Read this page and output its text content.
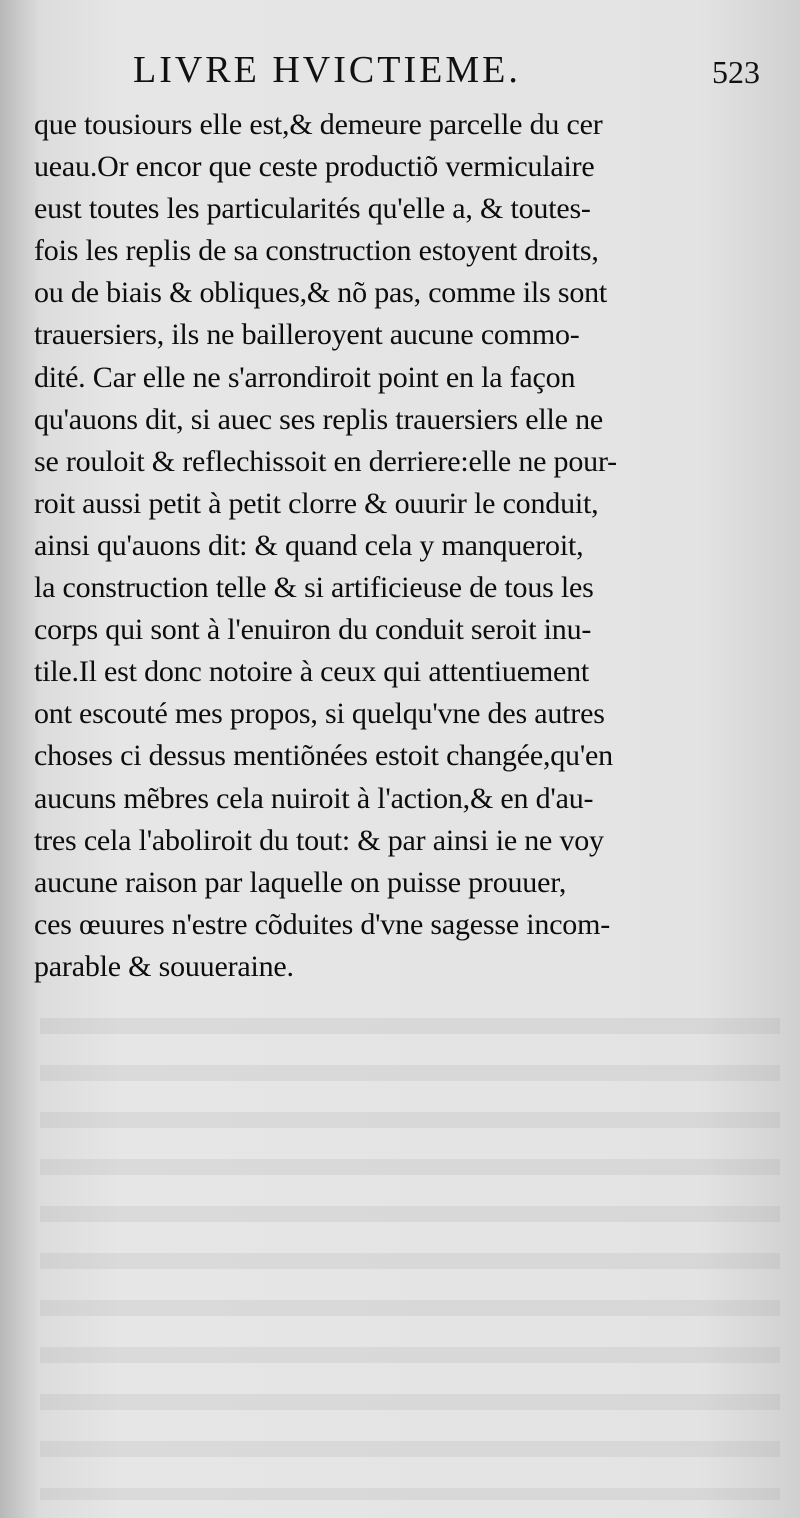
LIVRE HVICTIEME.	523
que tousiours elle est,& demeure parcelle du cer
ueau.Or encor que ceste productiõ vermiculaire
eust toutes les particularités qu'elle a, & toutes-
fois les replis de sa construction estoyent droits,
ou de biais & obliques,& nõ pas, comme ils sont
trauersiers, ils ne bailleroyent aucune commo-
dité. Car elle ne s'arrondiroit point en la façon
qu'auons dit, si auec ses replis trauersiers elle ne
se rouloit & reflechissoit en derriere:elle ne pour-
roit aussi petit à petit clorre & ouurir le conduit,
ainsi qu'auons dit: & quand cela y manqueroit,
la construction telle & si artificieuse de tous les
corps qui sont à l'enuiron du conduit seroit inu-
tile.Il est donc notoire à ceux qui attentiuement
ont escouté mes propos, si quelqu'vne des autres
choses ci dessus mentiõnées estoit changée,qu'en
aucuns mẽbres cela nuiroit à l'action,& en d'au-
tres cela l'aboliroit du tout: & par ainsi ie ne voy
aucune raison par laquelle on puisse prouuer,
ces œuures n'estre cõduites d'vne sagesse incom-
parable & souueraine.
